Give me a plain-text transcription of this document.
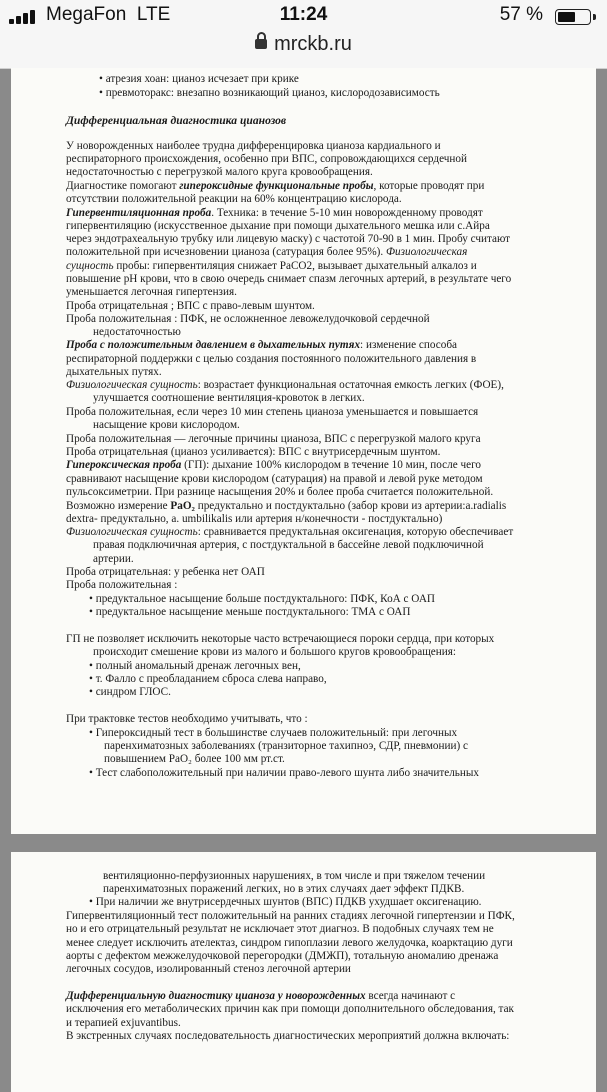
MegaFon LTE	11:24	57 %
mrckb.ru
• атрезия хоан: цианоз исчезает при крике
• превмоторакс: внезапно возникающий цианоз, кислородозависимость
Дифференциальная диагностика цианозов
У новорожденных наиболее трудна дифференцировка цианоза кардиального и
респираторного происхождения, особенно при ВПС, сопровождающихся сердечной
недостаточностью с перегрузкой малого круга кровообращения.
Диагностике помогают гипероксидные функциональные пробы, которые проводят при
отсутствии положительной реакции на 60% концентрацию кислорода.
Гипервентиляционная проба. Техника: в течение 5-10 мин новорожденному проводят
гипервентиляцию (искусственное дыхание при помощи дыхательного мешка или с.Айра
через эндотрахеальную трубку или лицевую маску) с частотой 70-90 в 1 мин. Пробу считают
положительной при исчезновении цианоза (сатурация более 95%). Физиологическая
сущность пробы: гипервентиляция снижает PaCO2, вызывает дыхательный алкалоз и
повышение pH крови, что в свою очередь снимает спазм легочных артерий, в результате чего
уменьшается легочная гипертензия.
Проба отрицательная ; ВПС с право-левым шунтом.
Проба положительная : ПФК, не осложненное левожелудочковой сердечной
недостаточностью
Проба с положительным давлением в дыхательных путях: изменение способа
респираторной поддержки с целью создания постоянного положительного давления в
дыхательных путях.
Физиологическая сущность: возрастает функциональная остаточная емкость легких (ФОЕ),
улучшается соотношение вентиляция-кровоток в легких.
Проба положительная, если через 10 мин степень цианоза уменьшается и повышается
насыщение крови кислородом.
Проба положительная — легочные причины цианоза, ВПС с перегрузкой малого круга
Проба отрицательная (цианоз усиливается): ВПС с внутрисердечным шунтом.
Гипероксическая проба (ГП): дыхание 100% кислородом в течение 10 мин, после чего
сравнивают насыщение крови кислородом (сатурация) на правой и левой руке методом
пульсоксиметрии. При разнице насыщения 20% и более проба считается положительной.
Возможно измерение PaO₂ предуктально и постдуктально (забор крови из артерии:a.radialis
dextra- предуктально, a. umbilikalis или артерия н/конечности - постдуктально)
Физиологическая сущность: сравнивается предуктальная оксигенация, которую обеспечивает
правая подключичная артерия, с постдуктальной в бассейне левой подключичной
артерии.
Проба отрицательная: у ребенка нет ОАП
Проба положительная :
• предуктальное насыщение больше постдуктального: ПФК, КоА с ОАП
• предуктальное насыщение меньше постдуктального: ТМА с ОАП
ГП не позволяет исключить некоторые часто встречающиеся пороки сердца, при которых
происходит смешение крови из малого и большого кругов кровообращения:
• полный аномальный дренаж легочных вен,
• т. Фалло с преобладанием сброса слева направо,
• синдром ГЛОС.
При трактовке тестов необходимо учитывать, что :
• Гипероксидный тест в большинстве случаев положительный: при легочных
паренхиматозных заболеваниях (транзиторное тахипноэ, СДР, пневмонии) с
повышением PaO₂ более 100 мм рт.ст.
• Тест слабоположительный при наличии право-левого шунта либо значительных
вентиляционно-перфузионных нарушениях, в том числе и при тяжелом течении
паренхиматозных поражений легких, но в этих случаях дает эффект ПДКВ.
• При наличии же внутрисердечных шунтов (ВПС) ПДКВ ухудшает оксигенацию.
Гипервентиляционный тест положительный на ранних стадиях легочной гипертензии и ПФК,
но и его отрицательный результат не исключает этот диагноз. В подобных случаях тем не
менее следует исключить ателектаз, синдром гипоплазии левого желудочка, коарктацию дуги
аорты с дефектом межжелудочковой перегородки (ДМЖП), тотальную аномалию дренажа
легочных сосудов, изолированный стеноз легочной артерии
Дифференциальную диагностику цианоза у новорожденных всегда начинают с
исключения его метаболических причин как при помощи дополнительного обследования, так
и терапией exjuvantibus.
В экстренных случаях последовательность диагностических мероприятий должна включать:
